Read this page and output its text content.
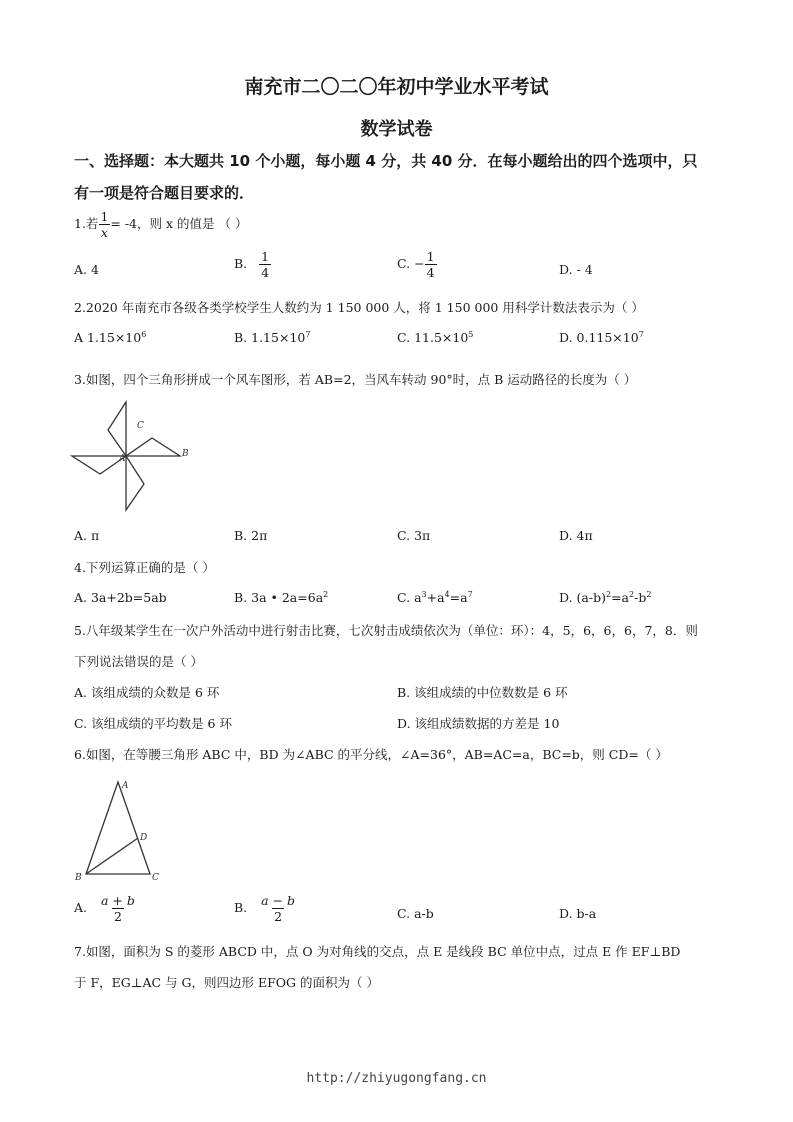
南充市二〇二〇年初中学业水平考试
数学试卷
一、选择题：本大题共 10 个小题，每小题 4 分，共 40 分．在每小题给出的四个选项中，只
有一项是符合题目要求的．
1.若 $\frac{1}{x} = -4$，则 x 的值是 （ ）
A. 4	B. $\frac{1}{4}$	C. − $\frac{1}{4}$	D. - 4
2.2020 年南充市各级各类学校学生人数约为 1 150 000 人，将 1 150 000 用科学计数法表示为（ ）
A $1.15\times 10^6$	B. $1.15\times 10^7$	C. $11.5\times 10^5$	D. $0.115\times 10^7$
3.如图，四个三角形拼成一个风车图形，若 AB=2，当风车转动 90°时，点 B 运动路径的长度为（ ）
A	B
C
A. π	B. 2π	C. 3π	D. 4π
4.下列运算正确的是（ ）
A. 3a+2b=5ab	B. 3a • $2a=6a^2$	C. $a^3+a^4=a^7$	D. $(a-b)^2=a^2-b^2$
5.八年级某学生在一次户外活动中进行射击比赛，七次射击成绩依次为（单位：环）：4，5，6，6，6，7，8．则
下列说法错误的是（ ）
A. 该组成绩的众数是 6 环	B. 该组成绩的中位数数是 6 环
C. 该组成绩的平均数是 6 环	D. 该组成绩数据的方差是 10
6.如图，在等腰三角形 ABC 中，BD 为∠ABC 的平分线，∠A=36°，AB=AC=a，BC=b，则 CD=（ ）
A
B	C
D
A. $\frac{a + b}{2}$	B. $\frac{a - b}{2}$	C. a-b	D. b-a
7.如图，面积为 S 的菱形 ABCD 中，点 O 为对角线的交点，点 E 是线段 BC 单位中点，过点 E 作 EF⊥BD
于 F，EG⊥AC 与 G，则四边形 EFOG 的面积为（ ）
http://zhiyugongfang.cn
